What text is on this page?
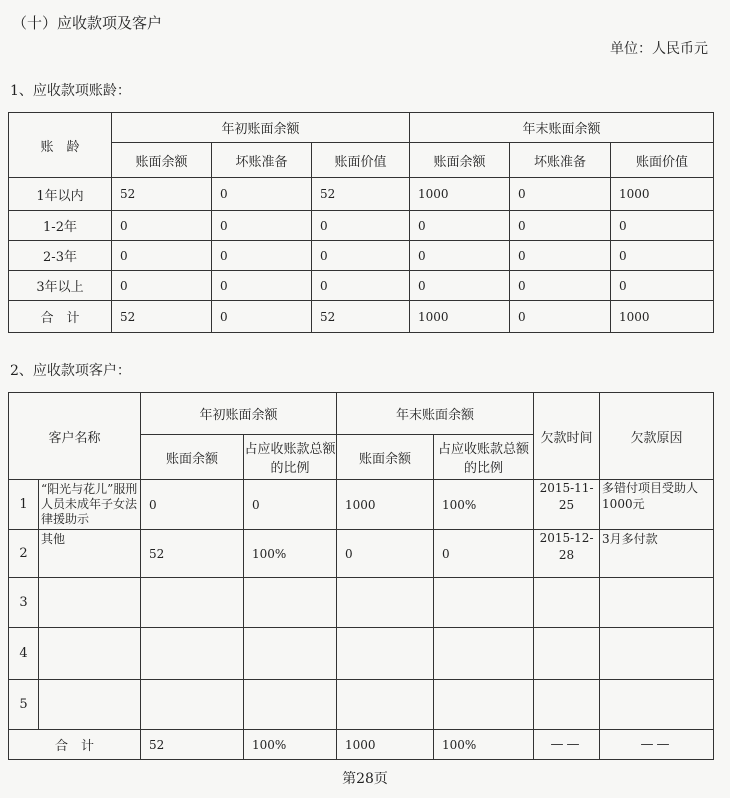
（十）应收款项及客户
单位：人民币元
1、应收款项账龄：
账　龄	年初账面余额			年末账面余额		
	账面余额	坏账准备	账面价值	账面余额	坏账准备	账面价值
1年以内	52	0	52	1000	0	1000
1-2年	0	0	0	0	0	0
2-3年	0	0	0	0	0	0
3年以上	0	0	0	0	0	0
合　计	52	0	52	1000	0	1000
2、应收款项客户：
客户名称		年初账面余额		年末账面余额		欠款时间	欠款原因
		账面余额	占应收账款总额的比例	账面余额	占应收账款总额的比例		
1	“阳光与花儿”服刑人员未成年子女法律援助示	0	0	1000	100%	2015-11-25	多错付项目受助人1000元
2	其他	52	100%	0	0	2015-12-28	3月多付款
3							
4							
5							
合　计		52	100%	1000	100%	——	——
第28页
